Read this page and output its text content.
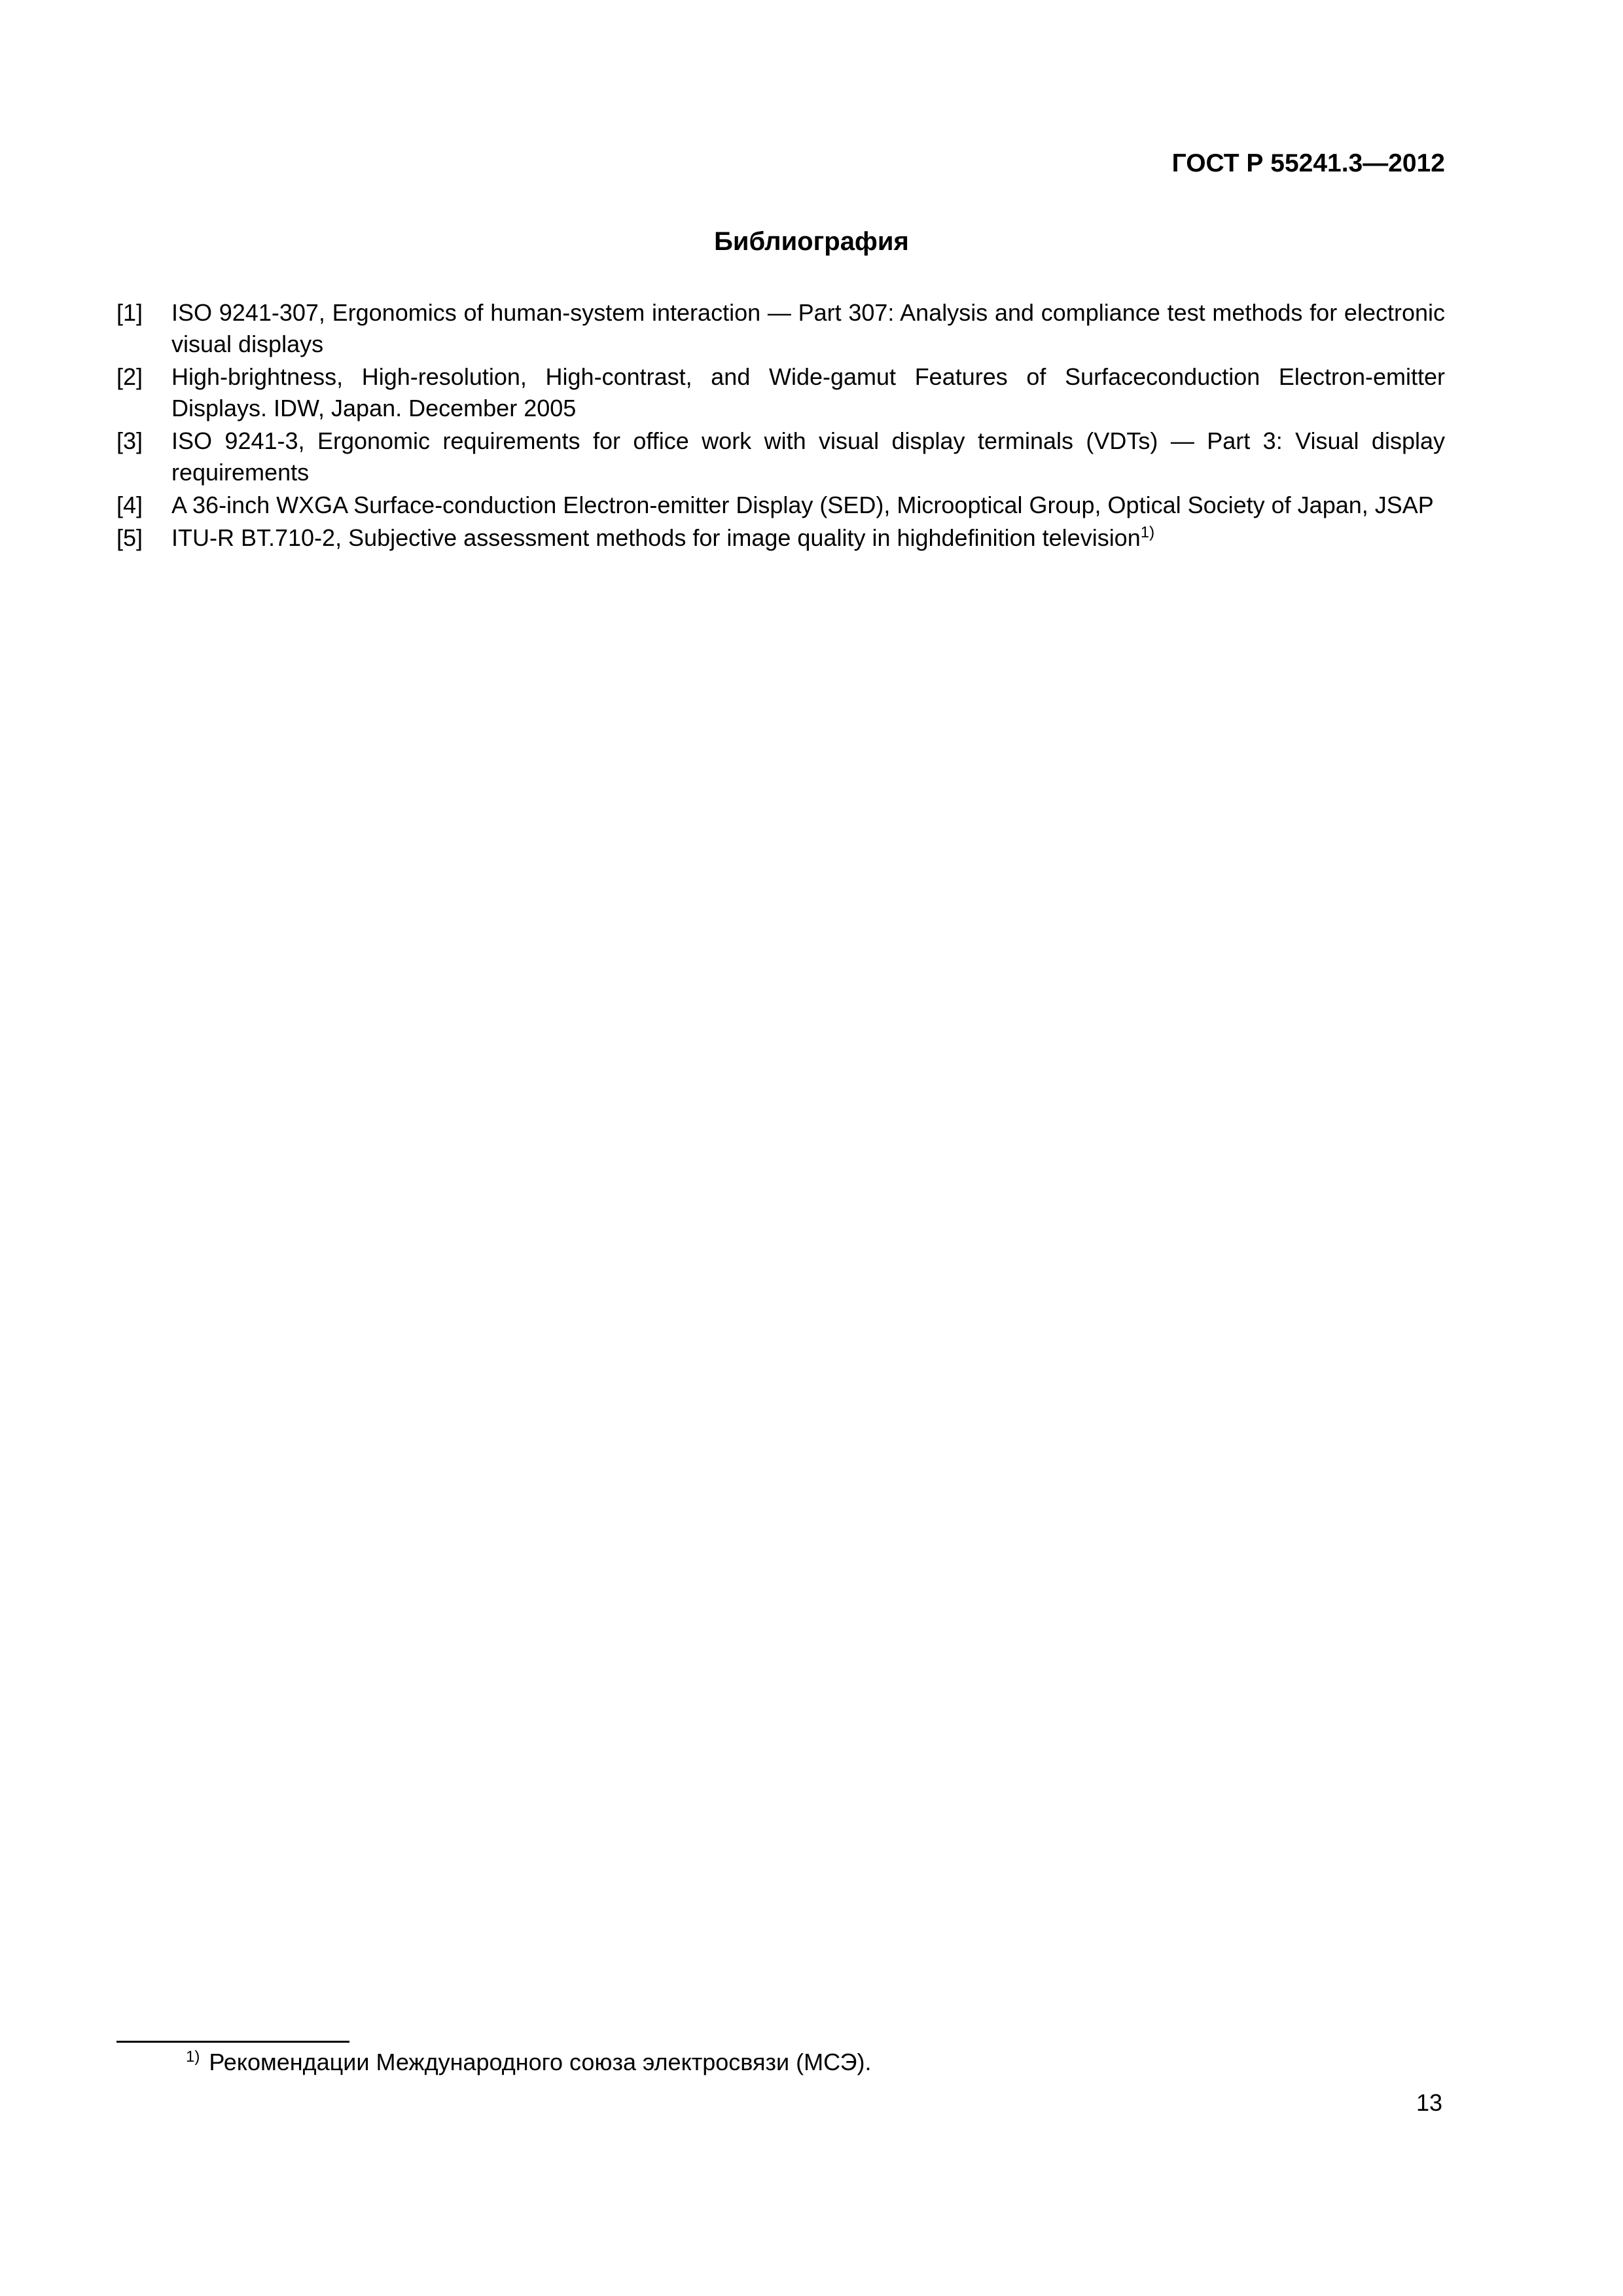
ГОСТ Р 55241.3—2012
Библиография
[1]	ISO 9241-307, Ergonomics of human-system interaction — Part 307: Analysis and compliance test methods for electronic visual displays
[2]	High-brightness, High-resolution, High-contrast, and Wide-gamut Features of Surfaceconduction Electron-emitter Displays. IDW, Japan. December 2005
[3]	ISO 9241-3, Ergonomic requirements for office work with visual display terminals (VDTs) — Part 3: Visual display requirements
[4]	A 36-inch WXGA Surface-conduction Electron-emitter Display (SED), Microoptical Group, Optical Society of Japan, JSAP
[5]	ITU-R BT.710-2, Subjective assessment methods for image quality in highdefinition television$^{1)}$
$^{1)}$ Рекомендации Международного союза электросвязи (МСЭ).
13
